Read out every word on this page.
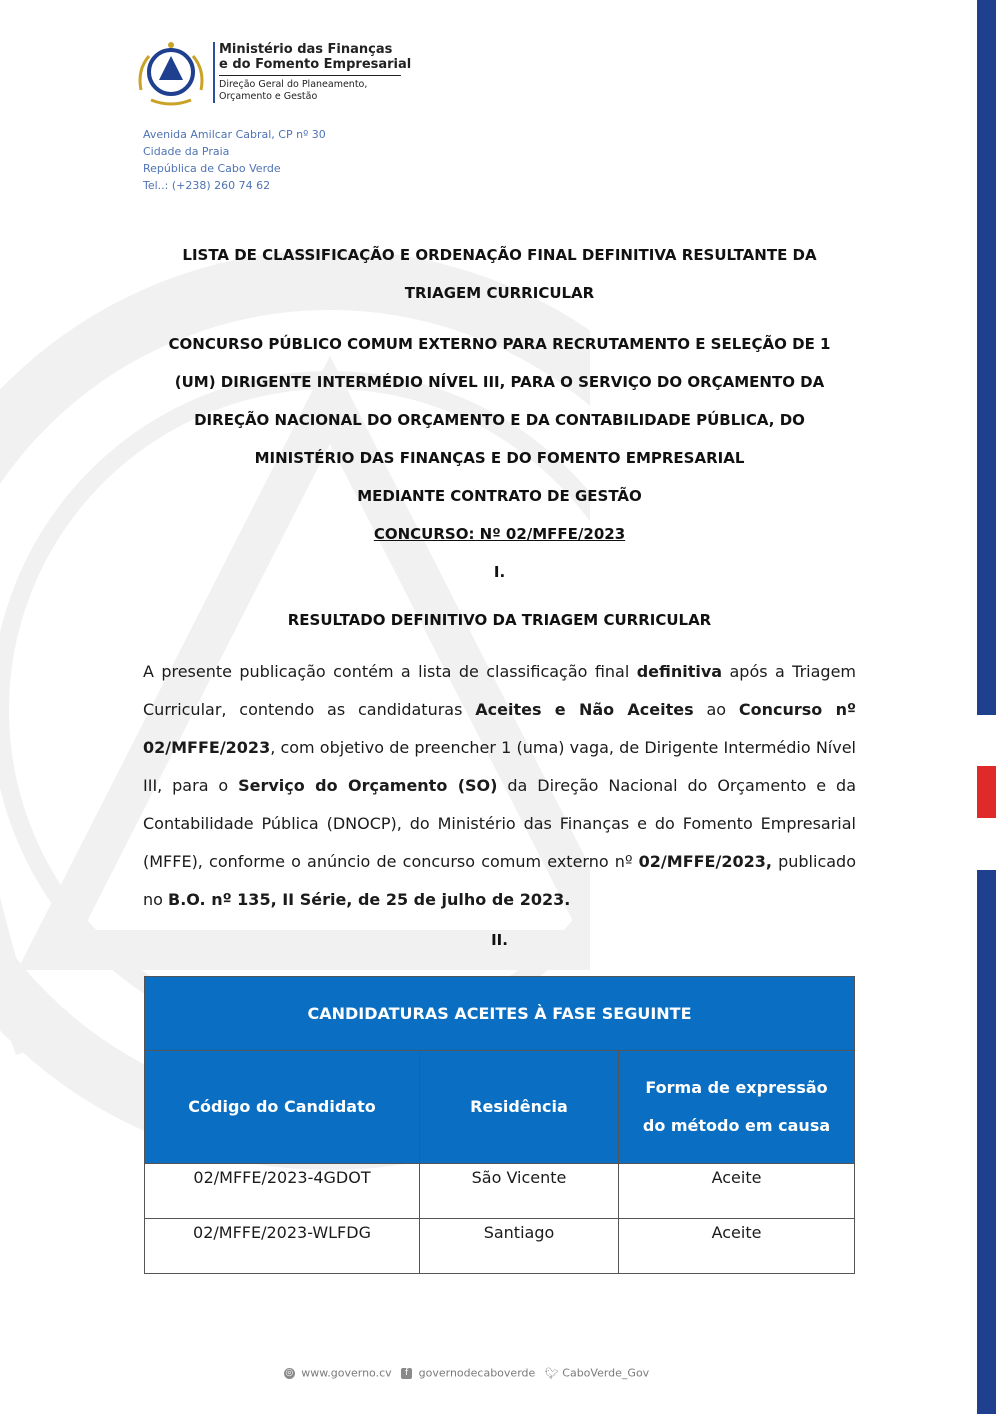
Ministério das Finanças
e do Fomento Empresarial
Direção Geral do Planeamento,
Orçamento e Gestão
Avenida Amilcar Cabral, CP nº 30
Cidade da Praia
República de Cabo Verde
Tel..: (+238) 260 74 62
LISTA DE CLASSIFICAÇÃO E ORDENAÇÃO FINAL DEFINITIVA RESULTANTE DA
TRIAGEM CURRICULAR
CONCURSO PÚBLICO COMUM EXTERNO PARA RECRUTAMENTO E SELEÇÃO DE 1
(UM) DIRIGENTE INTERMÉDIO NÍVEL III, PARA O SERVIÇO DO ORÇAMENTO DA
DIREÇÃO NACIONAL DO ORÇAMENTO E DA CONTABILIDADE PÚBLICA, DO
MINISTÉRIO DAS FINANÇAS E DO FOMENTO EMPRESARIAL
MEDIANTE CONTRATO DE GESTÃO
CONCURSO: Nº 02/MFFE/2023
I.
RESULTADO DEFINITIVO DA TRIAGEM CURRICULAR
A presente publicação contém a lista de classificação final definitiva após a Triagem Curricular, contendo as candidaturas Aceites e Não Aceites ao Concurso nº 02/MFFE/2023, com objetivo de preencher 1 (uma) vaga, de Dirigente Intermédio Nível III, para o Serviço do Orçamento (SO) da Direção Nacional do Orçamento e da Contabilidade Pública (DNOCP), do Ministério das Finanças e do Fomento Empresarial (MFFE), conforme o anúncio de concurso comum externo nº 02/MFFE/2023, publicado no B.O. nº 135, II Série, de 25 de julho de 2023.
II.
CANDIDATURAS ACEITES À FASE SEGUINTE		
Código do Candidato	Residência	Forma de expressão do método em causa
02/MFFE/2023-4GDOT	São Vicente	Aceite
02/MFFE/2023-WLFDG	Santiago	Aceite
◎ www.governo.cv f governodecaboverde 🐦︎ CaboVerde_Gov
